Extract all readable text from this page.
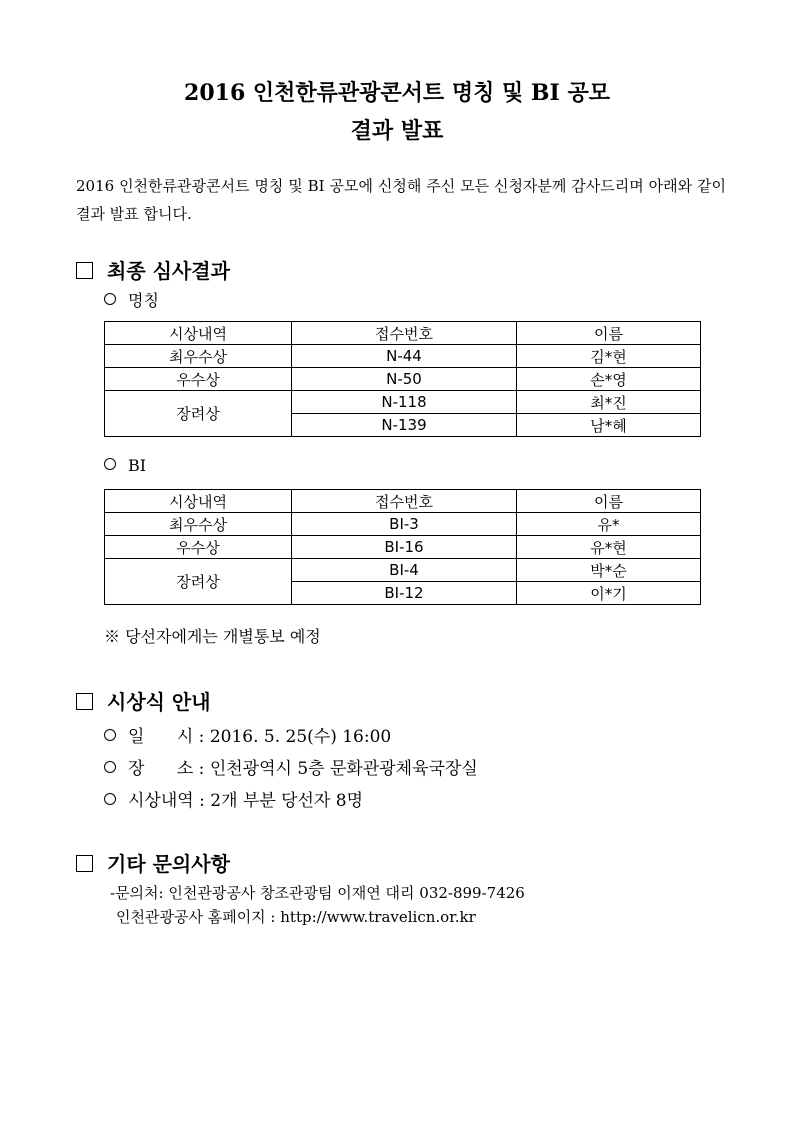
2016 인천한류관광콘서트 명칭 및 BI 공모
결과 발표
2016 인천한류관광콘서트 명칭 및 BI 공모에 신청해 주신 모든 신청자분께 감사드리며 아래와 같이 결과 발표 합니다.
최종 심사결과
명칭
시상내역	접수번호	이름
최우수상	N-44	김*현
우수상	N-50	손*영
장려상	N-118	최*진
	N-139	남*혜
BI
시상내역	접수번호	이름
최우수상	BI-3	유*
우수상	BI-16	유*현
장려상	BI-4	박*순
	BI-12	이*기
※ 당선자에게는 개별통보 예정
시상식 안내
일      시 : 2016. 5. 25(수) 16:00
장      소 : 인천광역시 5층 문화관광체육국장실
시상내역 : 2개 부분 당선자 8명
기타 문의사항
-문의처: 인천관광공사 창조관광팀 이재연 대리 032-899-7426
인천관광공사 홈페이지 : http://www.travelicn.or.kr
